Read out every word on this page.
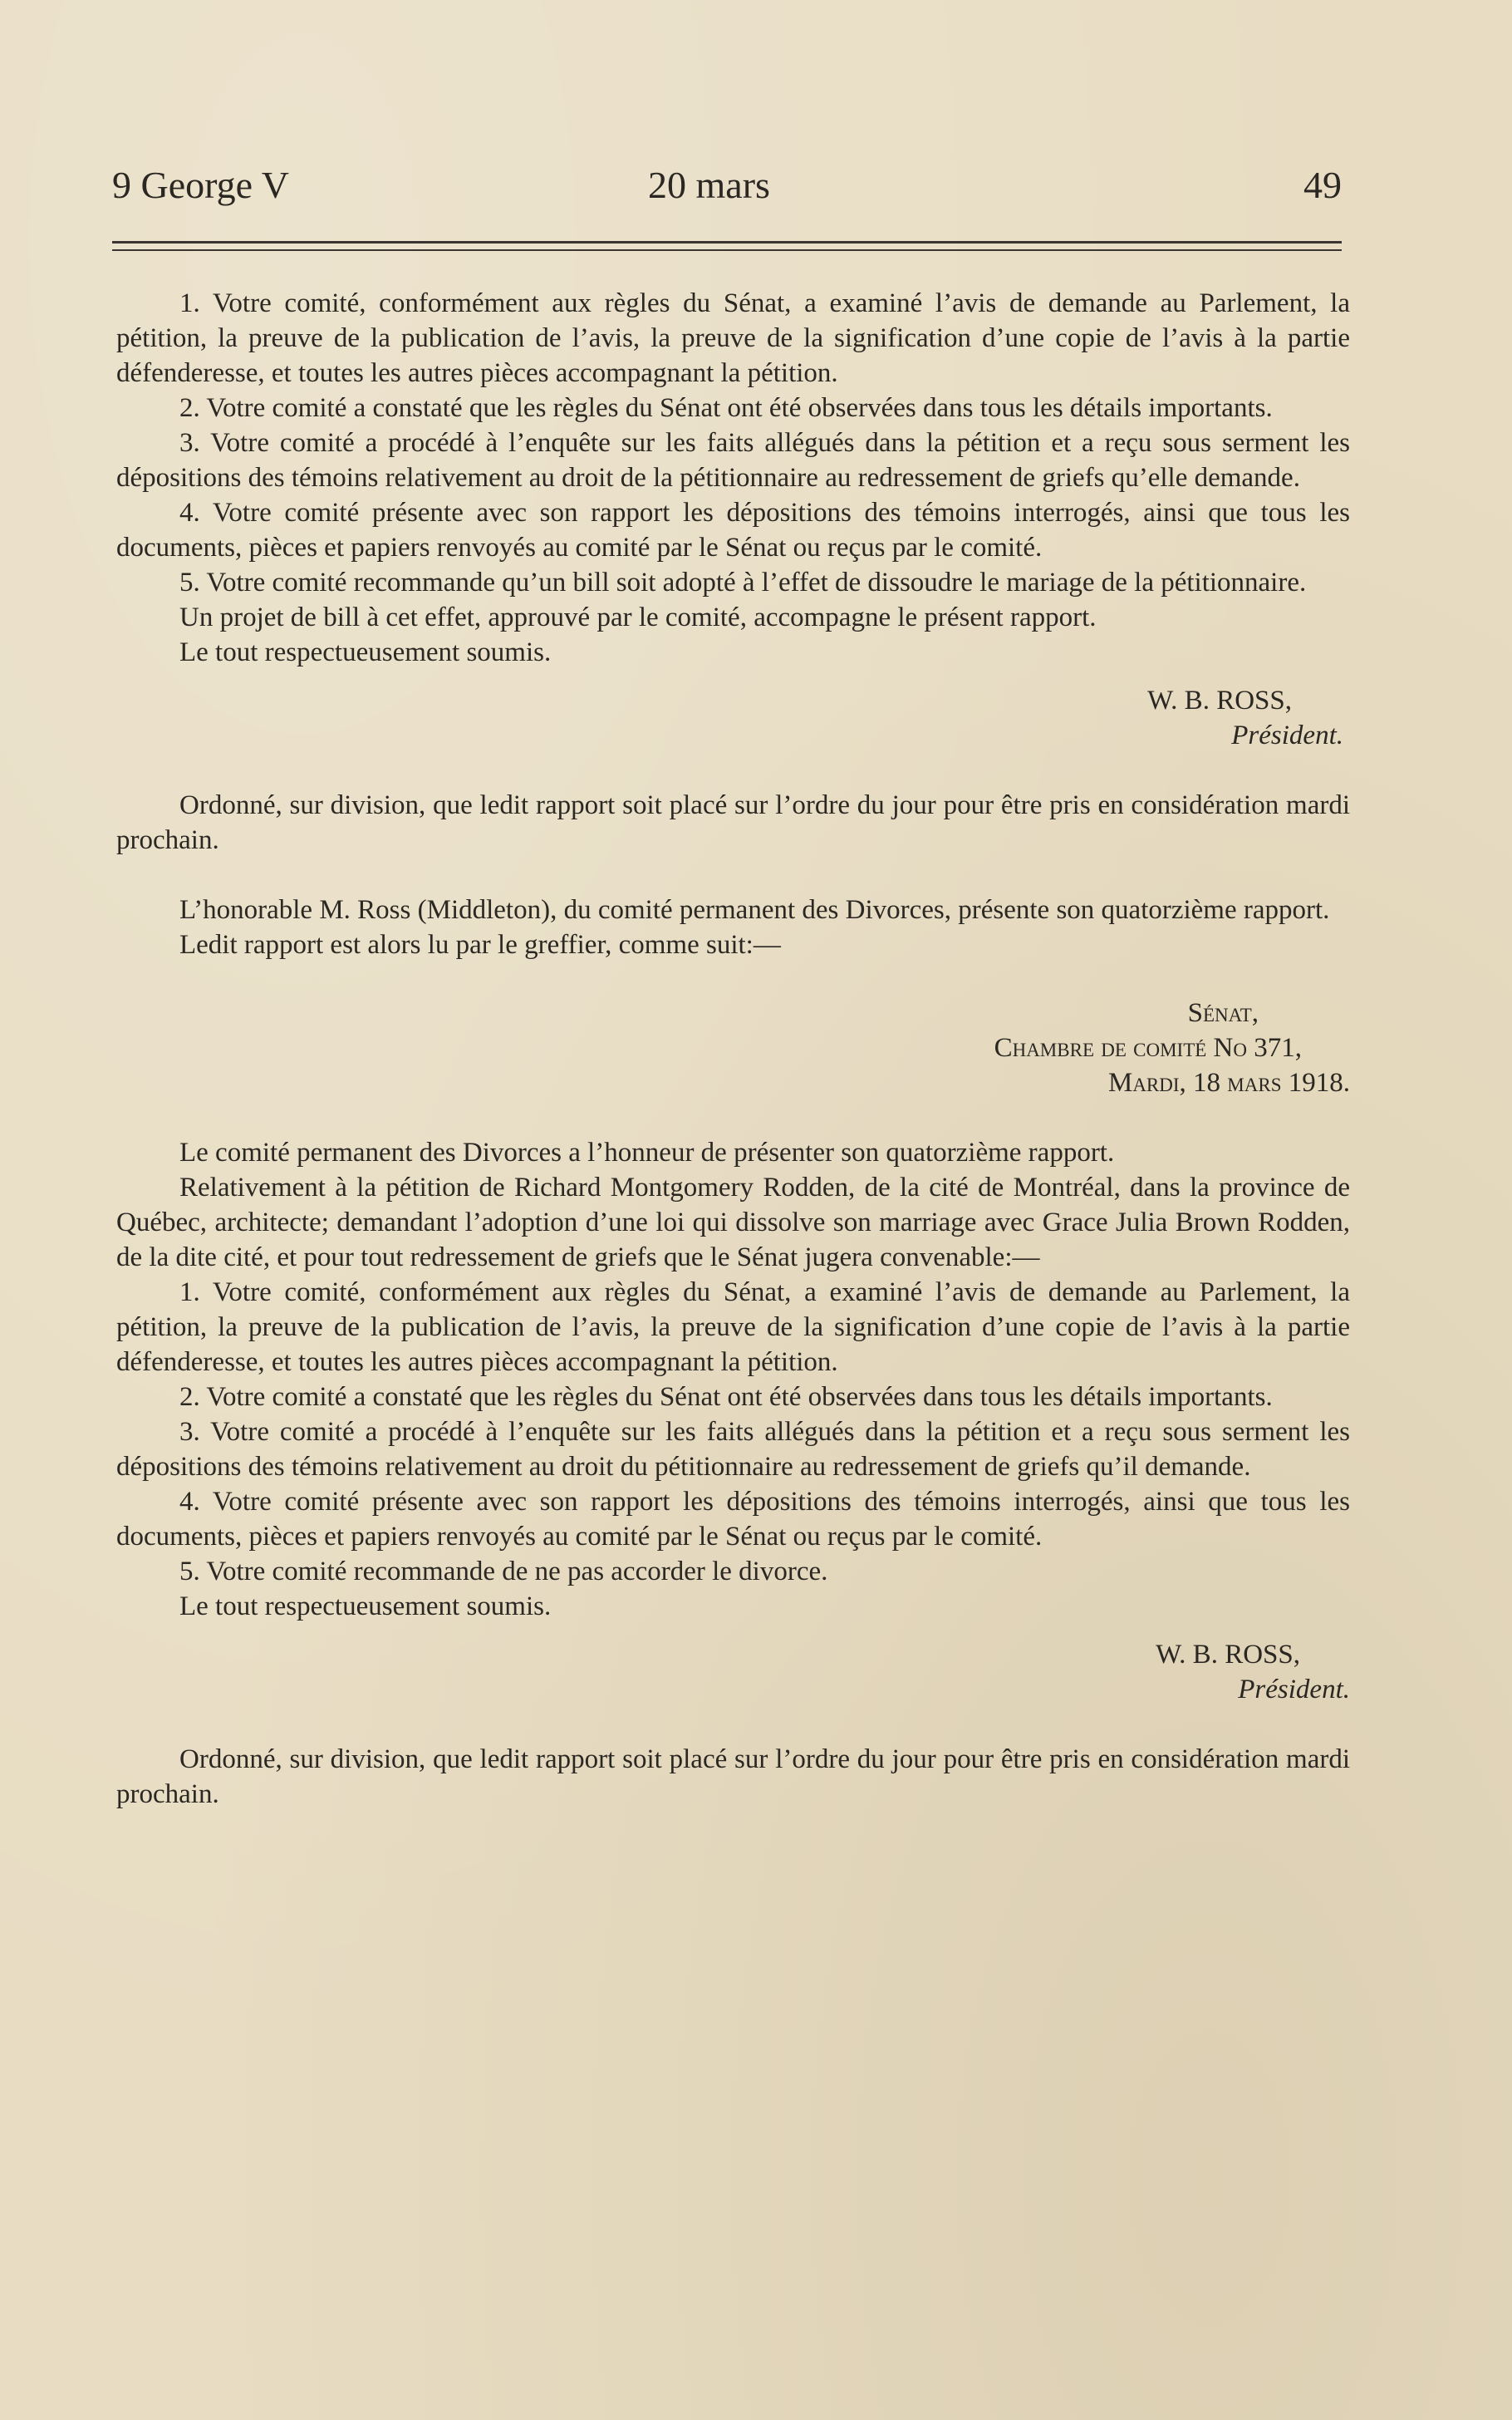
9 George V	20 mars	49

1. Votre comité, conformément aux règles du Sénat, a examiné l’avis de demande au Parlement, la pétition, la preuve de la publication de l’avis, la preuve de la signification d’une copie de l’avis à la partie défenderesse, et toutes les autres pièces accompagnant la pétition.

2. Votre comité a constaté que les règles du Sénat ont été observées dans tous les détails importants.

3. Votre comité a procédé à l’enquête sur les faits allégués dans la pétition et a reçu sous serment les dépositions des témoins relativement au droit de la pétitionnaire au redressement de griefs qu’elle demande.

4. Votre comité présente avec son rapport les dépositions des témoins interrogés, ainsi que tous les documents, pièces et papiers renvoyés au comité par le Sénat ou reçus par le comité.

5. Votre comité recommande qu’un bill soit adopté à l’effet de dissoudre le mariage de la pétitionnaire.

Un projet de bill à cet effet, approuvé par le comité, accompagne le présent rapport.

Le tout respectueusement soumis.

W. B. ROSS,
Président.

Ordonné, sur division, que ledit rapport soit placé sur l’ordre du jour pour être pris en considération mardi prochain.

L’honorable M. Ross (Middleton), du comité permanent des Divorces, présente son quatorzième rapport.

Ledit rapport est alors lu par le greffier, comme suit:—

Sénat,
Chambre de comité No 371,
Mardi, 18 mars 1918.

Le comité permanent des Divorces a l’honneur de présenter son quatorzième rapport.

Relativement à la pétition de Richard Montgomery Rodden, de la cité de Montréal, dans la province de Québec, architecte; demandant l’adoption d’une loi qui dissolve son marriage avec Grace Julia Brown Rodden, de la dite cité, et pour tout redressement de griefs que le Sénat jugera convenable:—

1. Votre comité, conformément aux règles du Sénat, a examiné l’avis de demande au Parlement, la pétition, la preuve de la publication de l’avis, la preuve de la signification d’une copie de l’avis à la partie défenderesse, et toutes les autres pièces accompagnant la pétition.

2. Votre comité a constaté que les règles du Sénat ont été observées dans tous les détails importants.

3. Votre comité a procédé à l’enquête sur les faits allégués dans la pétition et a reçu sous serment les dépositions des témoins relativement au droit du pétitionnaire au redressement de griefs qu’il demande.

4. Votre comité présente avec son rapport les dépositions des témoins interrogés, ainsi que tous les documents, pièces et papiers renvoyés au comité par le Sénat ou reçus par le comité.

5. Votre comité recommande de ne pas accorder le divorce.

Le tout respectueusement soumis.

W. B. ROSS,
Président.

Ordonné, sur division, que ledit rapport soit placé sur l’ordre du jour pour être pris en considération mardi prochain.
